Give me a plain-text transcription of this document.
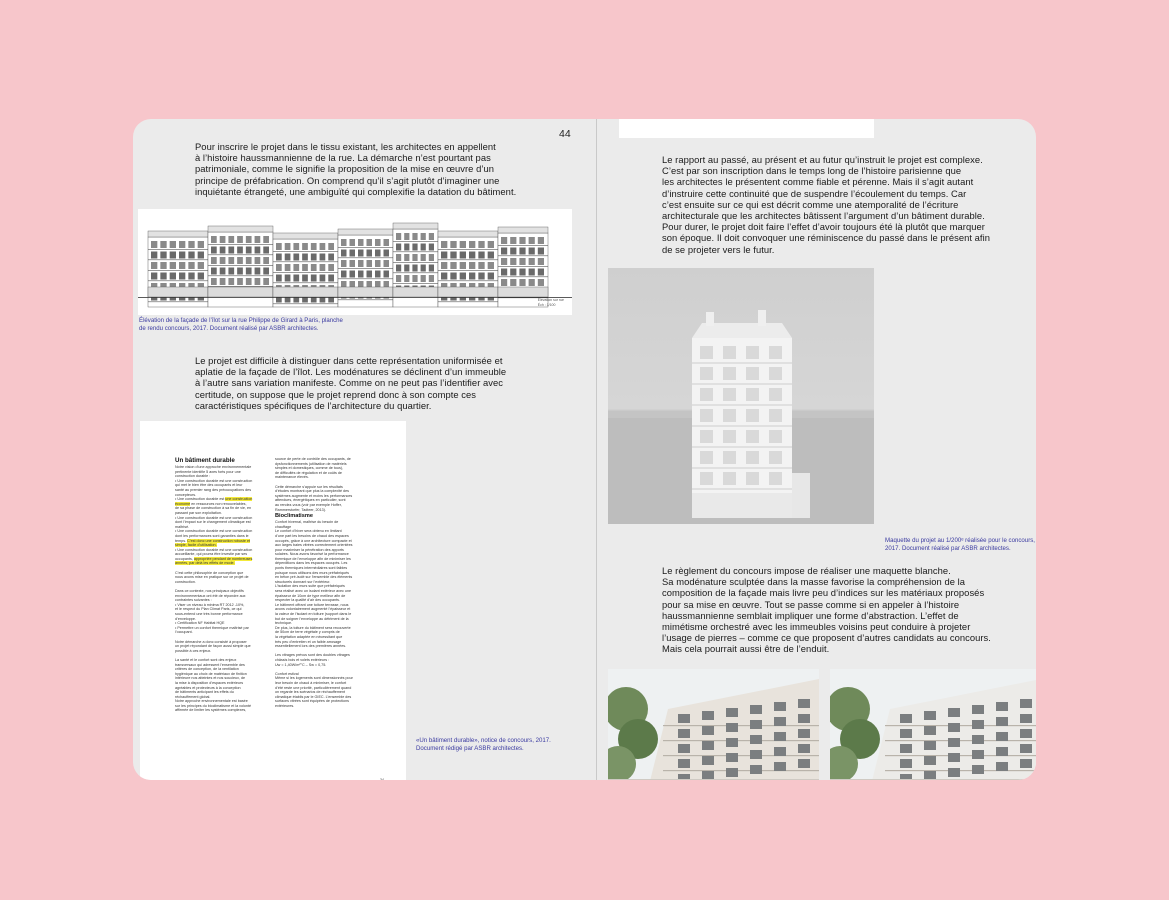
44
Pour inscrire le projet dans le tissu existant, les architectes en appellent
à l’histoire haussmannienne de la rue. La démarche n’est pourtant pas
patrimoniale, comme le signifie la proposition de la mise en œuvre d’un
principe de préfabrication. On comprend qu’il s’agit plutôt d’imaginer une
inquiétante étrangeté, une ambiguïté qui complexifie la datation du bâtiment.
Élévation sur rue
Éch : 1/100
Élévation de la façade de l’îlot sur la rue Philippe de Girard à Paris, planche
de rendu concours, 2017. Document réalisé par ASBR architectes.
Le projet est difficile à distinguer dans cette représentation uniformisée et
aplatie de la façade de l’îlot. Les modénatures se déclinent d’un immeuble
à l’autre sans variation manifeste. Comme on ne peut pas l’identifier avec
certitude, on suppose que le projet reprend donc à son compte ces
caractéristiques spécifiques de l’architecture du quartier.
Un bâtiment durable
Notre vision d’une approche environnementale
pertinente identifie 5 axes forts pour une
construction durable :
• Une construction durable est une construction
qui met le bien être des occupants et leur
santé au premier rang des préoccupations des
concepteurs.
• Une construction durable est une construction
économe en ressources non renouvelables,
de sa phase de construction à sa fin de vie, en
passant par son exploitation.
• Une construction durable est une construction
dont l’impact sur le changement climatique est
maîtrisé.
• Une construction durable est une construction
dont les performances sont garanties dans le
temps. C’est donc une construction robuste et
simple, facile d’utilisation.
• Une construction durable est une construction
accueillante, qui pourra être investie par ses
occupants, appropriée pendant de nombreuses
années, par delà les effets de mode.

C’est cette philosophie de conception que
nous avons mise en pratique sur ce projet de
construction.

Dans ce contexte, nos principaux objectifs
environnementaux ont été de répondre aux
contraintes suivantes :
• Viser un niveau à minima RT 2012 -10%,
et le respect du Plan Climat Paris, ce qui
sous-entend une très bonne performance
d’enveloppe.
• Certification NF Habitat HQE
• Permettre un confort thermique maîtrisé par
l’occupant.

Notre démarche a donc consisté à proposer
un projet répondant de façon aussi simple que
possible à ces enjeux.

La santé et le confort sont des enjeux
transversaux qui adressent l’ensemble des
critères de conception, de la ventilation
hygiénique au choix de matériaux de finition
intérieure nos atteintes et nos soucieux, de
la mise à disposition d’espaces extérieurs
agréables et protecteurs à la conception
de bâtiments anticipant les effets du
réchauffement global.
Notre approche environnementale est basée
sur les principes du bioclimatisme et la volonté
affirmée de limiter les systèmes complexes,
source de perte de contrôle des occupants, de
dysfonctionnements (utilisation de matériels
simples et domestiques, comme de tous),
de difficultés de régulation et de coûts de
maintenance élevés.

Cette démarche s’appuie sur les résultats
d’études montrant que plus la complexité des
systèmes augmente et moins les performances
attendues, énergétiques en particulier, sont
au rendez-vous (voir par exemple Hoffer,
Rammerstorfer, Tadteer, 2013).
Bioclimatisme
Confort hivernal, maîtrise du besoin de
chauffage
Le confort d’hiver sera obtenu en limitant
d’une part les besoins de chaud des espaces
occupés, grâce à une architecture compacte et
aux larges baies vitrées correctement orientées
pour maximiser la pénétration des apports
solaires. Nous avons favorisé la performance
thermique de l’enveloppe afin de minimiser les
déperditions dans les espaces occupés. Les
ponts thermiques intermédiaires sont faibles
puisque nous utilisons des murs préfabriqués
en béton pré-isolé sur l’ensemble des éléments
structurels donnant sur l’extérieur.
L’isolation des murs suite que préfabriqués
sera réalisé avec un isolant extérieur avec une
épaisseur de 10cm de type meilleur afin de
respecter la qualité d’air des occupants.
Le bâtiment offrant une toiture terrasse, nous
avons volontairement augmenté l’épaisseur et
la valeur de l’isolant en toiture (support dans le
but de soigner l’enveloppe au détriment de la
technique.
De plus, la toiture du bâtiment sera recouverte
de 50cm de terre végétale y compris de
la végétation adaptée en nécessitant que
très peu d’entretien et un faible arrosage
essentiellement lors des premières années.

Les vitrages prévus sont des doubles vitrages
châssis bois et volets extérieurs :
Uw = 1,40W/m²°C – Sw = 0,75.

Confort estival
Même si les logements sont dimensionnés pour
leur besoin de chaud à minimiser, le confort
d’été reste une priorité, particulièrement quand
on regarde les scénarios de réchauffement
climatique établis par le GIEC. L’ensemble des
surfaces vitrées sont équipées de protections
extérieures.
34
«Un bâtiment durable», notice de concours, 2017.
Document rédigé par ASBR architectes.
Le rapport au passé, au présent et au futur qu’instruit le projet est complexe.
C’est par son inscription dans le temps long de l’histoire parisienne que
les architectes le présentent comme fiable et pérenne. Mais il s’agit autant
d’instruire cette continuité que de suspendre l’écoulement du temps. Car
c’est ensuite sur ce qui est décrit comme une atemporalité de l’écriture
architecturale que les architectes bâtissent l’argument d’un bâtiment durable.
Pour durer, le projet doit faire l’effet d’avoir toujours été là plutôt que marquer
son époque. Il doit convoquer une réminiscence du passé dans le présent afin
de se projeter vers le futur.
Maquette du projet au 1/200ᵉ réalisée pour le concours,
2017. Document réalisé par ASBR architectes.
Le règlement du concours impose de réaliser une maquette blanche.
Sa modénature sculptée dans la masse favorise la compréhension de la
composition de la façade mais livre peu d’indices sur les matériaux proposés
pour sa mise en œuvre. Tout se passe comme si en appeler à l’histoire
haussmannienne semblait impliquer une forme d’abstraction. L’effet de
mimétisme orchestré avec les immeubles voisins peut conduire à projeter
l’usage de pierres – comme ce que proposent d’autres candidats au concours.
Mais cela pourrait aussi être de l’enduit.
